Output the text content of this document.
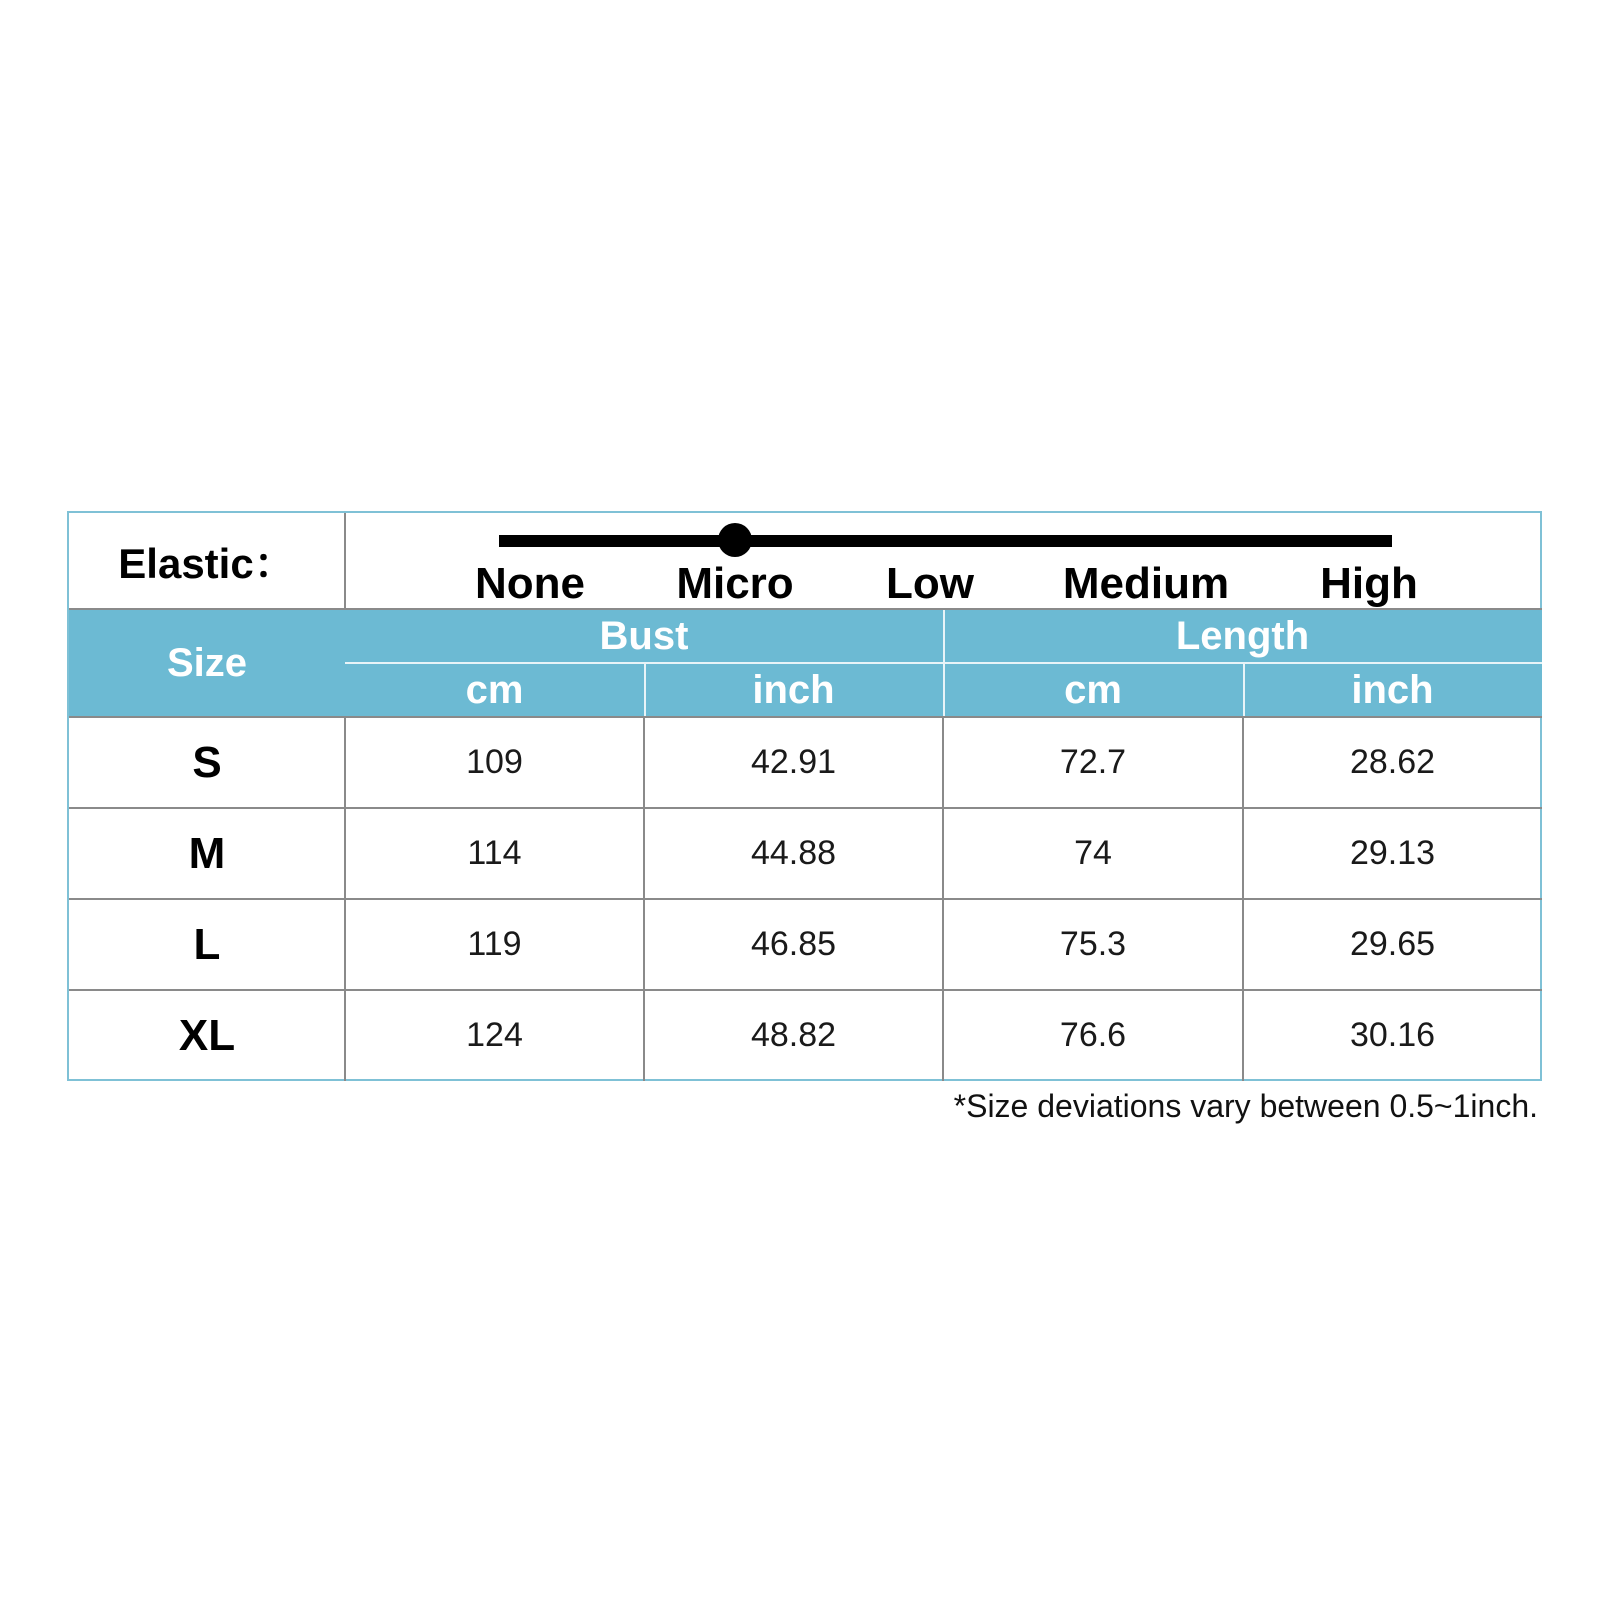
Elastic：	None Micro Low Medium High
Size
Bust	Length
cm	inch	cm	inch
S	109	42.91	72.7	28.62
M	114	44.88	74	29.13
L	119	46.85	75.3	29.65
XL	124	48.82	76.6	30.16
*Size deviations vary between 0.5~1inch.
